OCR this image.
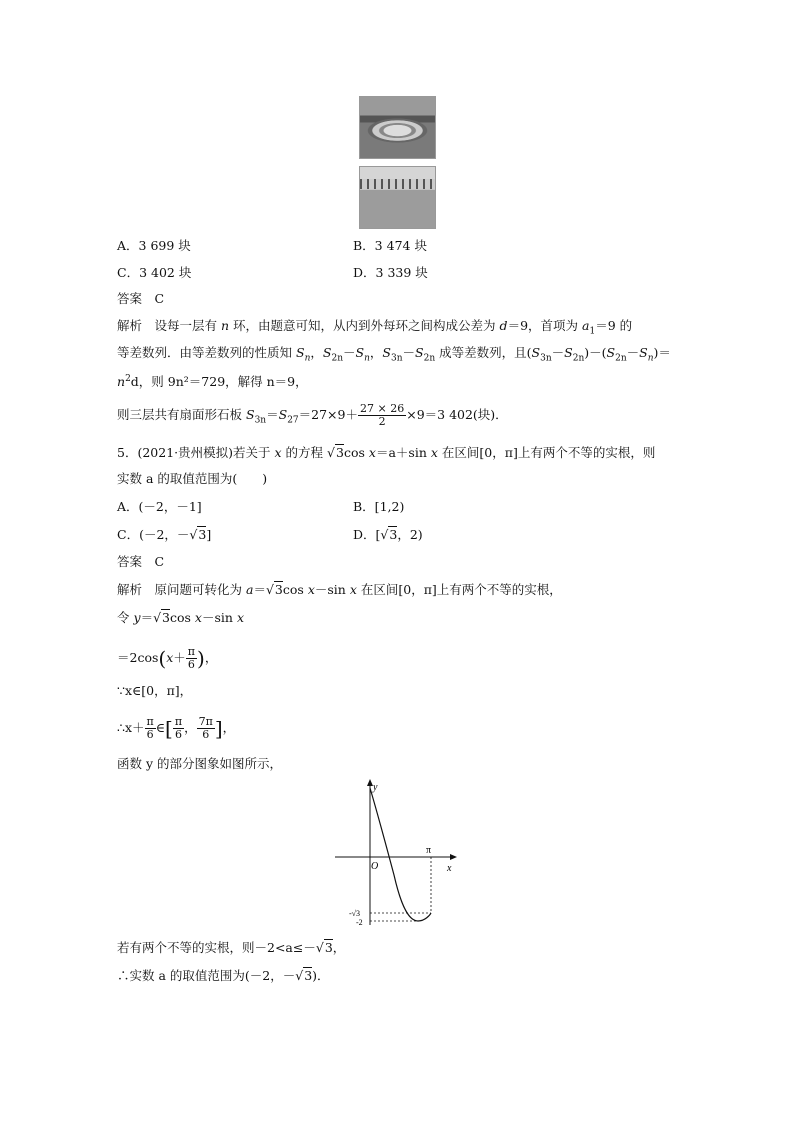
A．3 699 块	B．3 474 块
C．3 402 块	D．3 339 块
答案　C
解析　设每一层有 n 环，由题意可知，从内到外每环之间构成公差为 d＝9，首项为 $a_1=9$ 的
等差数列．由等差数列的性质知 $S_n$，$S_{2n}-S_n$，$S_{3n}-S_{2n}$ 成等差数列，且$(S_{3n}-S_{2n})-(S_{2n}-S_n)=$
$n^2d$，则 9n²＝729，解得 n＝9，
则三层共有扇面形石板 $S_{3n}=S_{27}=27\times 9+ \frac{27 \times 26}{2} \times 9=3$ 402(块)．
5．(2021·贵州模拟)若关于 x 的方程 √3cos x＝a＋sin x 在区间[0，π]上有两个不等的实根，则
实数 a 的取值范围为(　　)
A．(－2，－1]	B．[1,2)
C．(－2，－√3]	D．[√3，2)
答案　C
解析　原问题可转化为 a＝√3cos x－sin x 在区间[0，π]上有两个不等的实根，
令 y＝√3cos x－sin x
$=2\cos(x+ \frac{\pi}{6}$ )，
∵x∈[0，π]，
∴x＋ $\frac{\pi}{6}$ ∈[ $\frac{\pi}{6}$ ， $\frac{7\pi}{6}$ ]，
函数 y 的部分图象如图所示，
y
x
O
π
-√3
-2
若有两个不等的实根，则－2<a≤－√3，
∴实数 a 的取值范围为(－2，－√3)．
